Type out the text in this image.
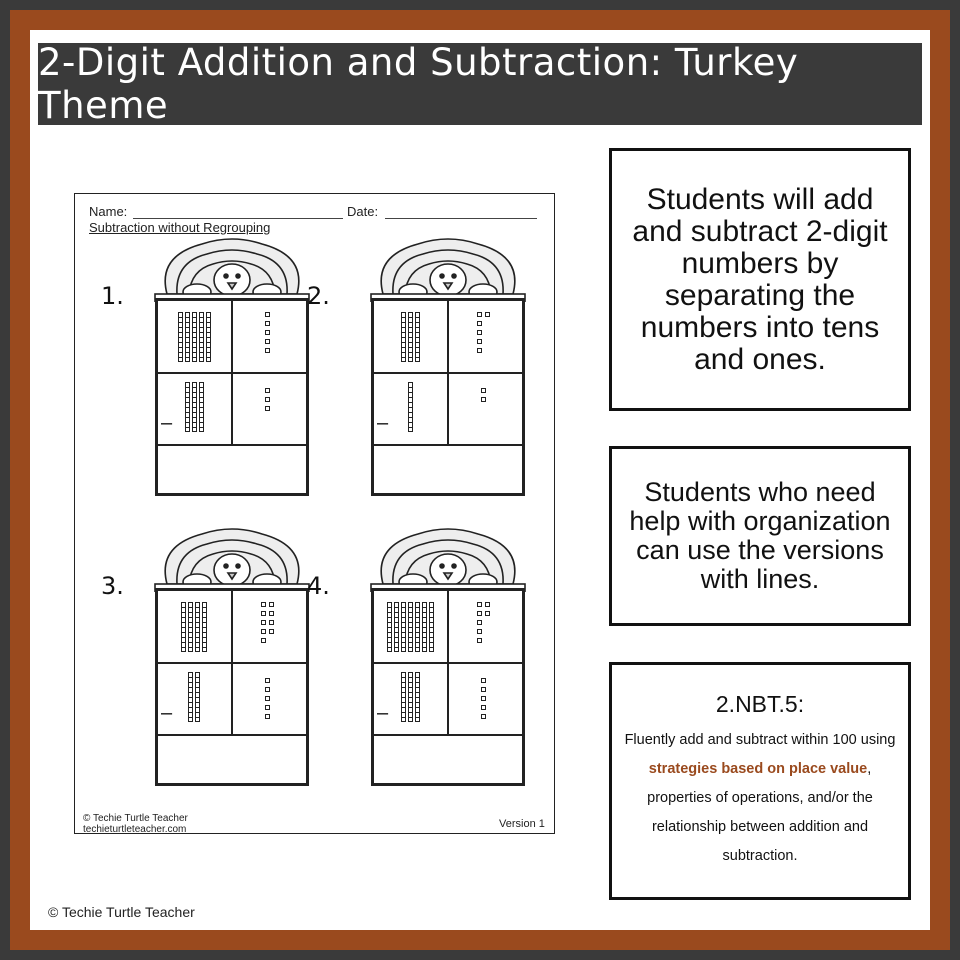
2-Digit Addition and Subtraction: Turkey Theme
Name:	Date:
Subtraction without Regrouping
1.
–
2.
–
3.
–
4.
–
© Techie Turtle Teacher
techieturtleteacher.com	Version 1
Students will add and subtract 2-digit numbers by separating the numbers into tens and ones.
Students who need help with organization can use the versions with lines.
2.NBT.5:
Fluently add and subtract within 100 using strategies based on place value, properties of operations, and/or the relationship between addition and subtraction.
© Techie Turtle Teacher
